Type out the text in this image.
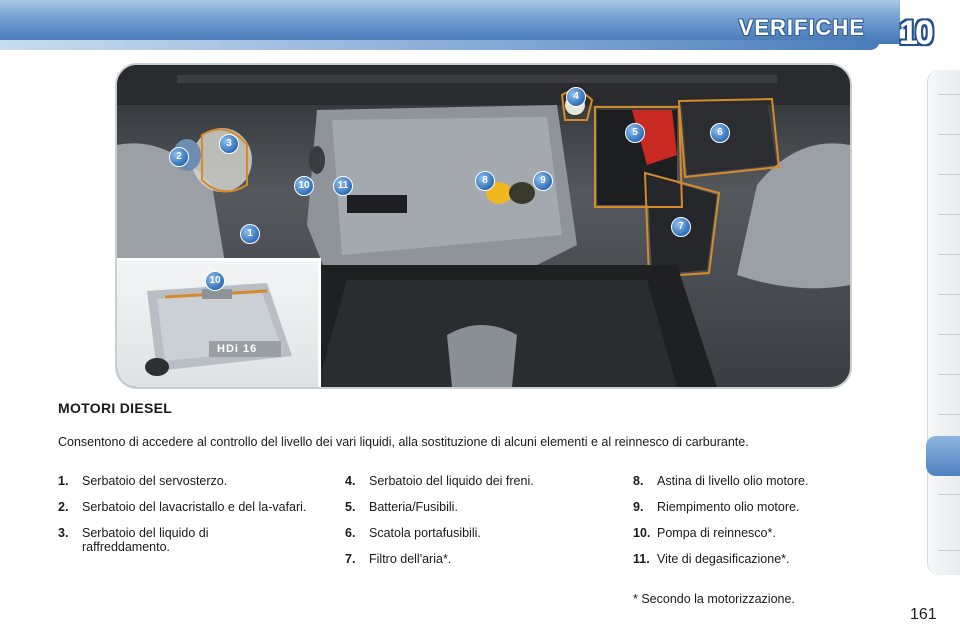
VERIFICHE 10
1
2
3
4
5	6
7
8	9
10	11
10
HDi 16
MOTORI DIESEL
Consentono di accedere al controllo del livello dei vari liquidi, alla sostituzione di alcuni elementi e al reinnesco di carburante.
1. Serbatoio del servosterzo.
2. Serbatoio del lavacristallo e del la-vafari.
3. Serbatoio del liquido di raffreddamento.
4. Serbatoio del liquido dei freni.
5. Batteria/Fusibili.
6. Scatola portafusibili.
7. Filtro dell'aria*.
8. Astina di livello olio motore.
9. Riempimento olio motore.
10. Pompa di reinnesco*.
11. Vite di degasificazione*.
* Secondo la motorizzazione.
161
